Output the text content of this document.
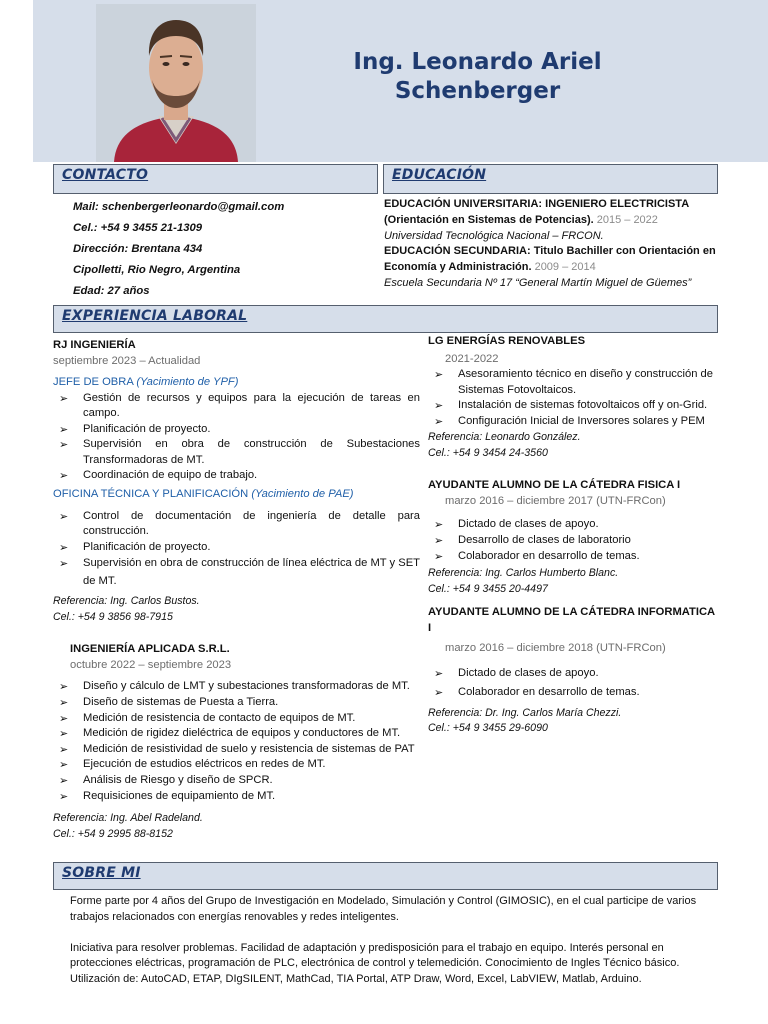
Ing. Leonardo Ariel Schenberger
CONTACTO	EDUCACIÓN
Mail: schenbergerleonardo@gmail.com
Cel.: +54 9 3455 21-1309
Dirección: Brentana 434
Cipolletti, Rio Negro, Argentina
Edad: 27 años
EDUCACIÓN UNIVERSITARIA: INGENIERO ELECTRICISTA
(Orientación en Sistemas de Potencias). 2015 – 2022
Universidad Tecnológica Nacional – FRCON.
EDUCACIÓN SECUNDARIA: Titulo Bachiller con Orientación en
Economía y Administración. 2009 – 2014
Escuela Secundaria Nº 17 “General Martín Miguel de Güemes”
EXPERIENCIA LABORAL
RJ INGENIERÍA
septiembre 2023 – Actualidad
JEFE DE OBRA (Yacimiento de YPF)
➢ Gestión de recursos y equipos para la ejecución de tareas en campo.
➢ Planificación de proyecto.
➢ Supervisión en obra de construcción de Subestaciones Transformadoras de MT.
➢ Coordinación de equipo de trabajo.
OFICINA TÉCNICA Y PLANIFICACIÓN (Yacimiento de PAE)
➢ Control de documentación de ingeniería de detalle para construcción.
➢ Planificación de proyecto.
➢ Supervisión en obra de construcción de línea eléctrica de MT y SET de MT.
Referencia: Ing. Carlos Bustos.
Cel.: +54 9 3856 98-7915
INGENIERÍA APLICADA S.R.L.
octubre 2022 – septiembre 2023
➢ Diseño y cálculo de LMT y subestaciones transformadoras de MT.
➢ Diseño de sistemas de Puesta a Tierra.
➢ Medición de resistencia de contacto de equipos de MT.
➢ Medición de rigidez dieléctrica de equipos y conductores de MT.
➢ Medición de resistividad de suelo y resistencia de sistemas de PAT
➢ Ejecución de estudios eléctricos en redes de MT.
➢ Análisis de Riesgo y diseño de SPCR.
➢ Requisiciones de equipamiento de MT.
Referencia: Ing. Abel Radeland.
Cel.: +54 9 2995 88-8152
LG ENERGÍAS RENOVABLES
2021-2022
➢ Asesoramiento técnico en diseño y construcción de Sistemas Fotovoltaicos.
➢ Instalación de sistemas fotovoltaicos off y on-Grid.
➢ Configuración Inicial de Inversores solares y PEM
Referencia: Leonardo González.
Cel.: +54 9 3454 24-3560
AYUDANTE ALUMNO DE LA CÁTEDRA FISICA I
marzo 2016 – diciembre 2017 (UTN-FRCon)
➢ Dictado de clases de apoyo.
➢ Desarrollo de clases de laboratorio
➢ Colaborador en desarrollo de temas.
Referencia: Ing. Carlos Humberto Blanc.
Cel.: +54 9 3455 20-4497
AYUDANTE ALUMNO DE LA CÁTEDRA INFORMATICA I
marzo 2016 – diciembre 2018 (UTN-FRCon)
➢ Dictado de clases de apoyo.
➢ Colaborador en desarrollo de temas.
Referencia: Dr. Ing. Carlos María Chezzi.
Cel.: +54 9 3455 29-6090
SOBRE MI
Forme parte por 4 años del Grupo de Investigación en Modelado, Simulación y Control (GIMOSIC), en el cual participe de varios trabajos relacionados con energías renovables y redes inteligentes.
Iniciativa para resolver problemas. Facilidad de adaptación y predisposición para el trabajo en equipo. Interés personal en protecciones eléctricas, programación de PLC, electrónica de control y telemedición. Conocimiento de Ingles Técnico básico. Utilización de: AutoCAD, ETAP, DIgSILENT, MathCad, TIA Portal, ATP Draw, Word, Excel, LabVIEW, Matlab, Arduino.
